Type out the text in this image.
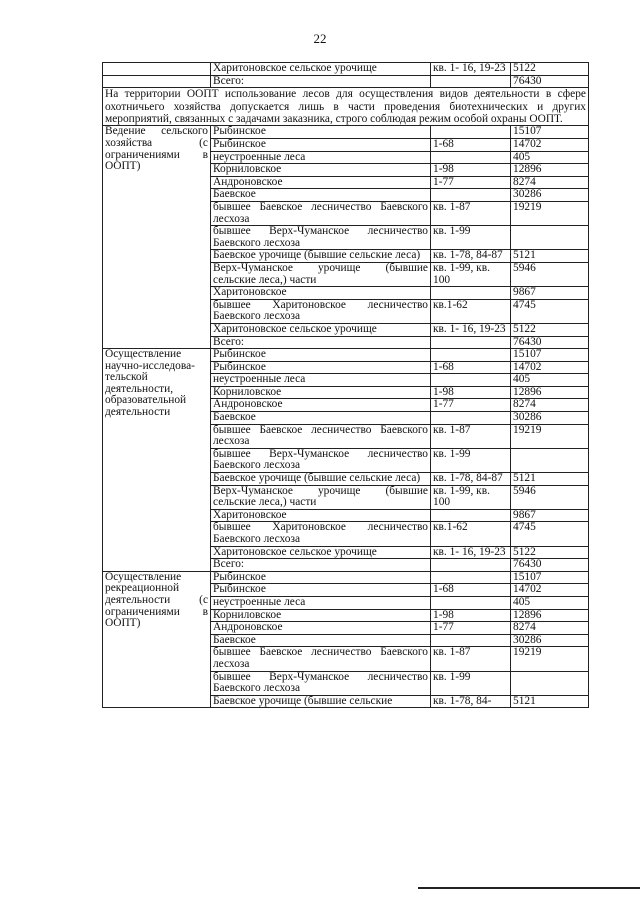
22
	Харитоновское сельское урочище	кв. 1- 16, 19-23	5122
	Всего:		76430
На территории ООПТ использование лесов для осуществления видов деятельности в сфере охотничьего хозяйства допускается лишь в части проведения биотехнических и других мероприятий, связанных с задачами заказника, строго соблюдая режим особой охраны ООПТ.			
Ведение сельского хозяйства (с ограничениями в ООПТ)	Рыбинское		15107
	Рыбинское	1-68	14702
	неустроенные леса		405
	Корниловское	1-98	12896
	Андроновское	1-77	8274
	Баевское		30286
	бывшее Баевское лесничество Баевского лесхоза	кв. 1-87	19219
	бывшее Верх-Чуманское лесничество Баевского лесхоза	кв. 1-99	
	Баевское урочище (бывшие сельские леса)	кв. 1-78, 84-87	5121
	Верх-Чуманское урочище (бывшие сельские леса,) части	кв. 1-99, кв. 100	5946
	Харитоновское		9867
	бывшее Харитоновское лесничество Баевского лесхоза	кв.1-62	4745
	Харитоновское сельское урочище	кв. 1- 16, 19-23	5122
	Всего:		76430
Осуществление научно-исследова-тельской деятельности, образовательной деятельности	Рыбинское		15107
	Рыбинское	1-68	14702
	неустроенные леса		405
	Корниловское	1-98	12896
	Андроновское	1-77	8274
	Баевское		30286
	бывшее Баевское лесничество Баевского лесхоза	кв. 1-87	19219
	бывшее Верх-Чуманское лесничество Баевского лесхоза	кв. 1-99	
	Баевское урочище (бывшие сельские леса)	кв. 1-78, 84-87	5121
	Верх-Чуманское урочище (бывшие сельские леса,) части	кв. 1-99, кв. 100	5946
	Харитоновское		9867
	бывшее Харитоновское лесничество Баевского лесхоза	кв.1-62	4745
	Харитоновское сельское урочище	кв. 1- 16, 19-23	5122
	Всего:		76430
Осуществление рекреационной деятельности (с ограничениями в ООПТ)	Рыбинское		15107
	Рыбинское	1-68	14702
	неустроенные леса		405
	Корниловское	1-98	12896
	Андроновское	1-77	8274
	Баевское		30286
	бывшее Баевское лесничество Баевского лесхоза	кв. 1-87	19219
	бывшее Верх-Чуманское лесничество Баевского лесхоза	кв. 1-99	
	Баевское урочище (бывшие сельские	кв. 1-78, 84-	5121
